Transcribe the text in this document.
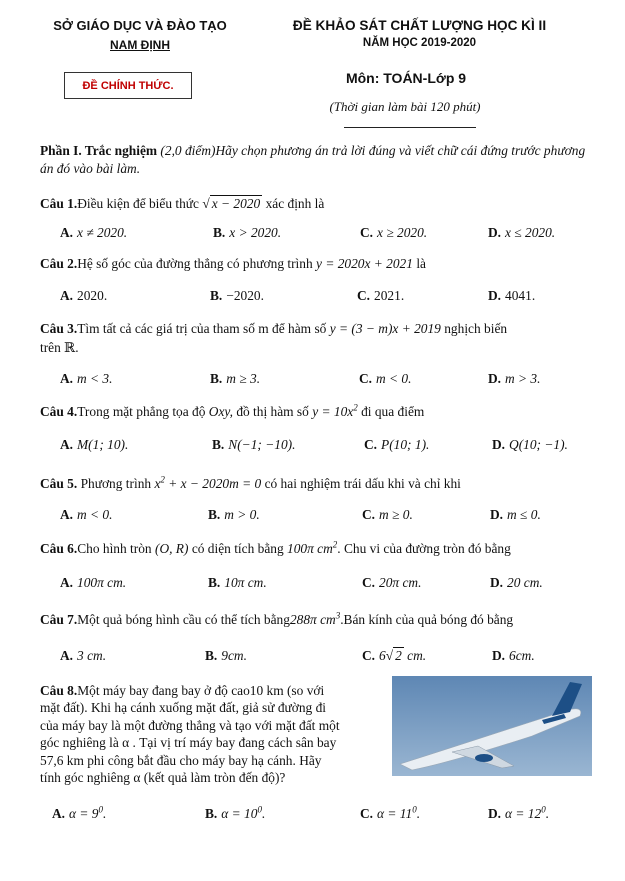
SỞ GIÁO DỤC VÀ ĐÀO TẠO
NAM ĐỊNH
ĐỀ KHẢO SÁT CHẤT LƯỢNG HỌC KÌ II
NĂM HỌC 2019-2020
ĐỀ CHÍNH THỨC.	Môn: TOÁN-Lớp 9
(Thời gian làm bài 120 phút)
Phần I. Trắc nghiệm (2,0 điểm)Hãy chọn phương án trả lời đúng và viết chữ cái đứng trước phương án đó vào bài làm.
Câu 1.Điều kiện để biểu thức √ x − 2020 xác định là
A. x ≠ 2020.	B. x > 2020.	C. x ≥ 2020.	D. x ≤ 2020.
Câu 2.Hệ số góc của đường thẳng có phương trình y = 2020x + 2021 là
A. 2020.	B. −2020.	C. 2021.	D. 4041.
Câu 3.Tìm tất cả các giá trị của tham số m để hàm số y = (3 − m)x + 2019 nghịch biến
trên ℝ.
A. m < 3.	B. m ≥ 3.	C. m < 0.	D. m > 3.
Câu 4.Trong mặt phẳng tọa độ Oxy, đồ thị hàm số $y = 10x^2$ đi qua điểm
A. M(1; 10).	B. N(−1; −10).	C. P(10; 1).	D. Q(10; −1).
Câu 5. Phương trình $x^2 + x - 2020m = 0$ có hai nghiệm trái dấu khi và chỉ khi
A. m < 0.	B. m > 0.	C. m ≥ 0.	D. m ≤ 0.
Câu 6.Cho hình tròn (O, R) có diện tích bằng 100π $cm^2$. Chu vi của đường tròn đó bằng
A. 100π cm.	B. 10π cm.	C. 20π cm.	D. 20 cm.
Câu 7.Một quả bóng hình cầu có thể tích bằng288π $cm^3.Bán$ kính của quả bóng đó bằng
A. 3 cm.	B. 9cm.	C. 6√ 2 cm.	D. 6cm.
Câu 8.Một máy bay đang bay ở độ cao10 km (so với
mặt đất). Khi hạ cánh xuống mặt đất, giả sử đường đi
của máy bay là một đường thẳng và tạo với mặt đất một
góc nghiêng là α . Tại vị trí máy bay đang cách sân bay
57,6 km phi công bắt đầu cho máy bay hạ cánh. Hãy
tính góc nghiêng α (kết quả làm tròn đến độ)?
A. $\alpha = 9^0$.	B. $\alpha = 10^0$.	C. $\alpha = 11^0$.	D. $\alpha = 12^0$.
